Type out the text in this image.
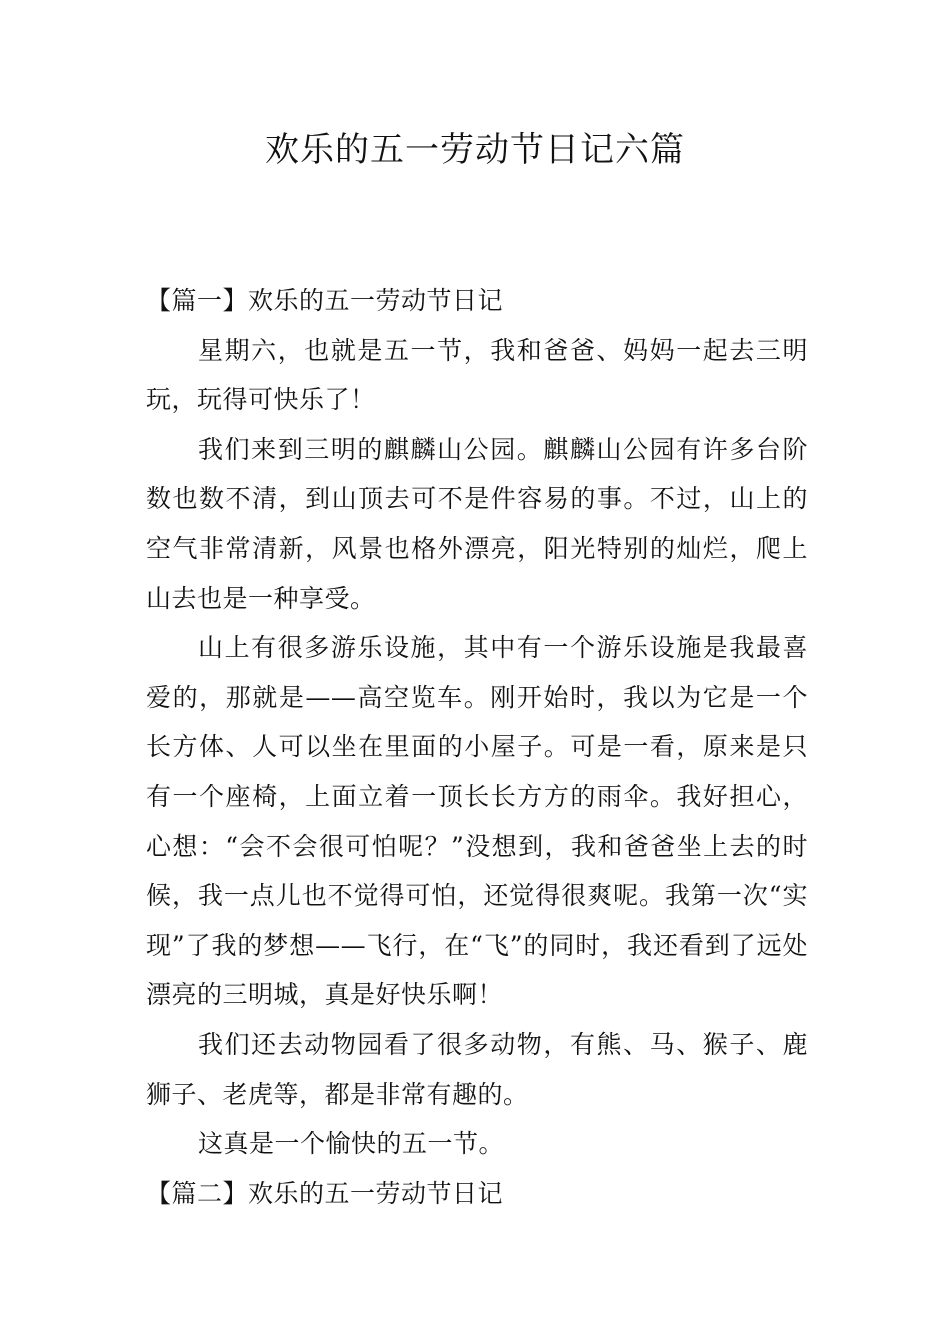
欢乐的五一劳动节日记六篇
【篇一】欢乐的五一劳动节日记

星期六，也就是五一节，我和爸爸、妈妈一起去三明玩，玩得可快乐了！

我们来到三明的麒麟山公园。麒麟山公园有许多台阶数也数不清，到山顶去可不是件容易的事。不过，山上的空气非常清新，风景也格外漂亮，阳光特别的灿烂，爬上山去也是一种享受。

山上有很多游乐设施，其中有一个游乐设施是我最喜爱的，那就是——高空览车。刚开始时，我以为它是一个长方体、人可以坐在里面的小屋子。可是一看，原来是只有一个座椅，上面立着一顶长长方方的雨伞。我好担心，心想：“会不会很可怕呢？”没想到，我和爸爸坐上去的时候，我一点儿也不觉得可怕，还觉得很爽呢。我第一次“实现”了我的梦想——飞行，在“飞”的同时，我还看到了远处漂亮的三明城，真是好快乐啊！

我们还去动物园看了很多动物，有熊、马、猴子、鹿狮子、老虎等，都是非常有趣的。

这真是一个愉快的五一节。

【篇二】欢乐的五一劳动节日记
